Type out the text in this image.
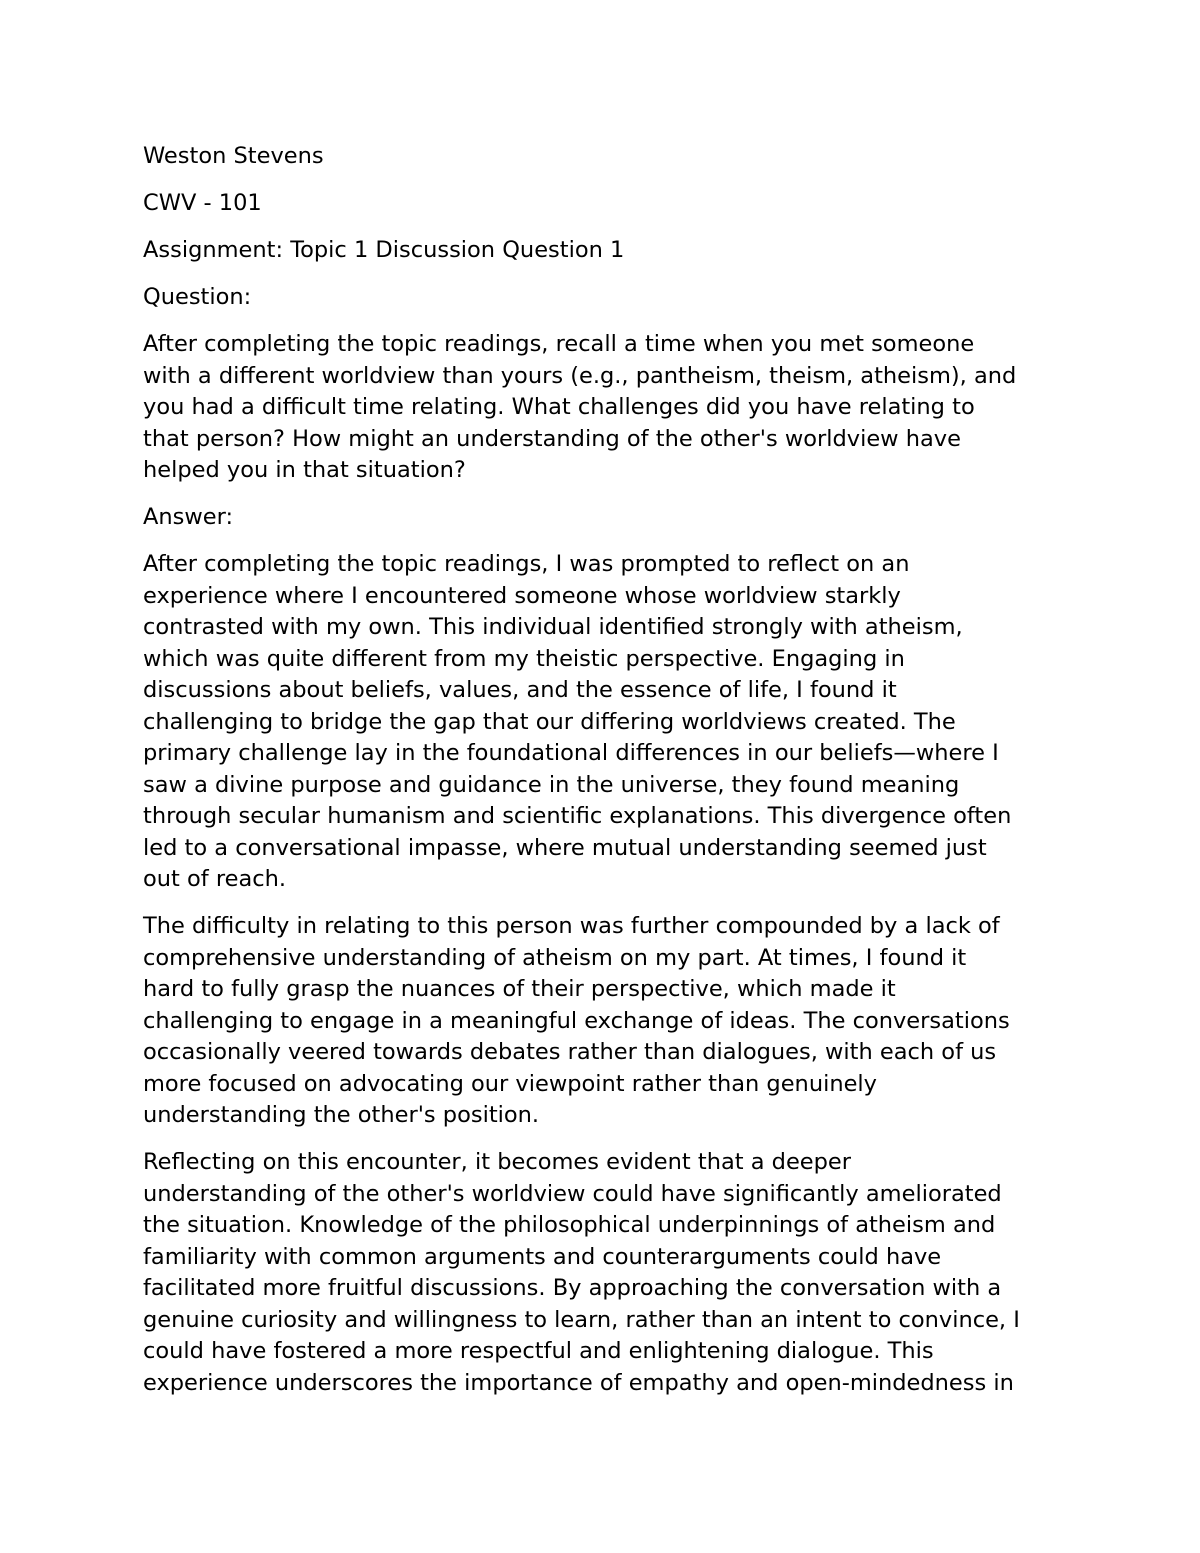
Weston Stevens

CWV - 101

Assignment: Topic 1 Discussion Question 1

Question:

After completing the topic readings, recall a time when you met someone
with a different worldview than yours (e.g., pantheism, theism, atheism), and
you had a difficult time relating. What challenges did you have relating to
that person? How might an understanding of the other's worldview have
helped you in that situation?

Answer:

After completing the topic readings, I was prompted to reflect on an
experience where I encountered someone whose worldview starkly
contrasted with my own. This individual identified strongly with atheism,
which was quite different from my theistic perspective. Engaging in
discussions about beliefs, values, and the essence of life, I found it
challenging to bridge the gap that our differing worldviews created. The
primary challenge lay in the foundational differences in our beliefs—where I
saw a divine purpose and guidance in the universe, they found meaning
through secular humanism and scientific explanations. This divergence often
led to a conversational impasse, where mutual understanding seemed just
out of reach.

The difficulty in relating to this person was further compounded by a lack of
comprehensive understanding of atheism on my part. At times, I found it
hard to fully grasp the nuances of their perspective, which made it
challenging to engage in a meaningful exchange of ideas. The conversations
occasionally veered towards debates rather than dialogues, with each of us
more focused on advocating our viewpoint rather than genuinely
understanding the other's position.

Reflecting on this encounter, it becomes evident that a deeper
understanding of the other's worldview could have significantly ameliorated
the situation. Knowledge of the philosophical underpinnings of atheism and
familiarity with common arguments and counterarguments could have
facilitated more fruitful discussions. By approaching the conversation with a
genuine curiosity and willingness to learn, rather than an intent to convince, I
could have fostered a more respectful and enlightening dialogue. This
experience underscores the importance of empathy and open-mindedness in
